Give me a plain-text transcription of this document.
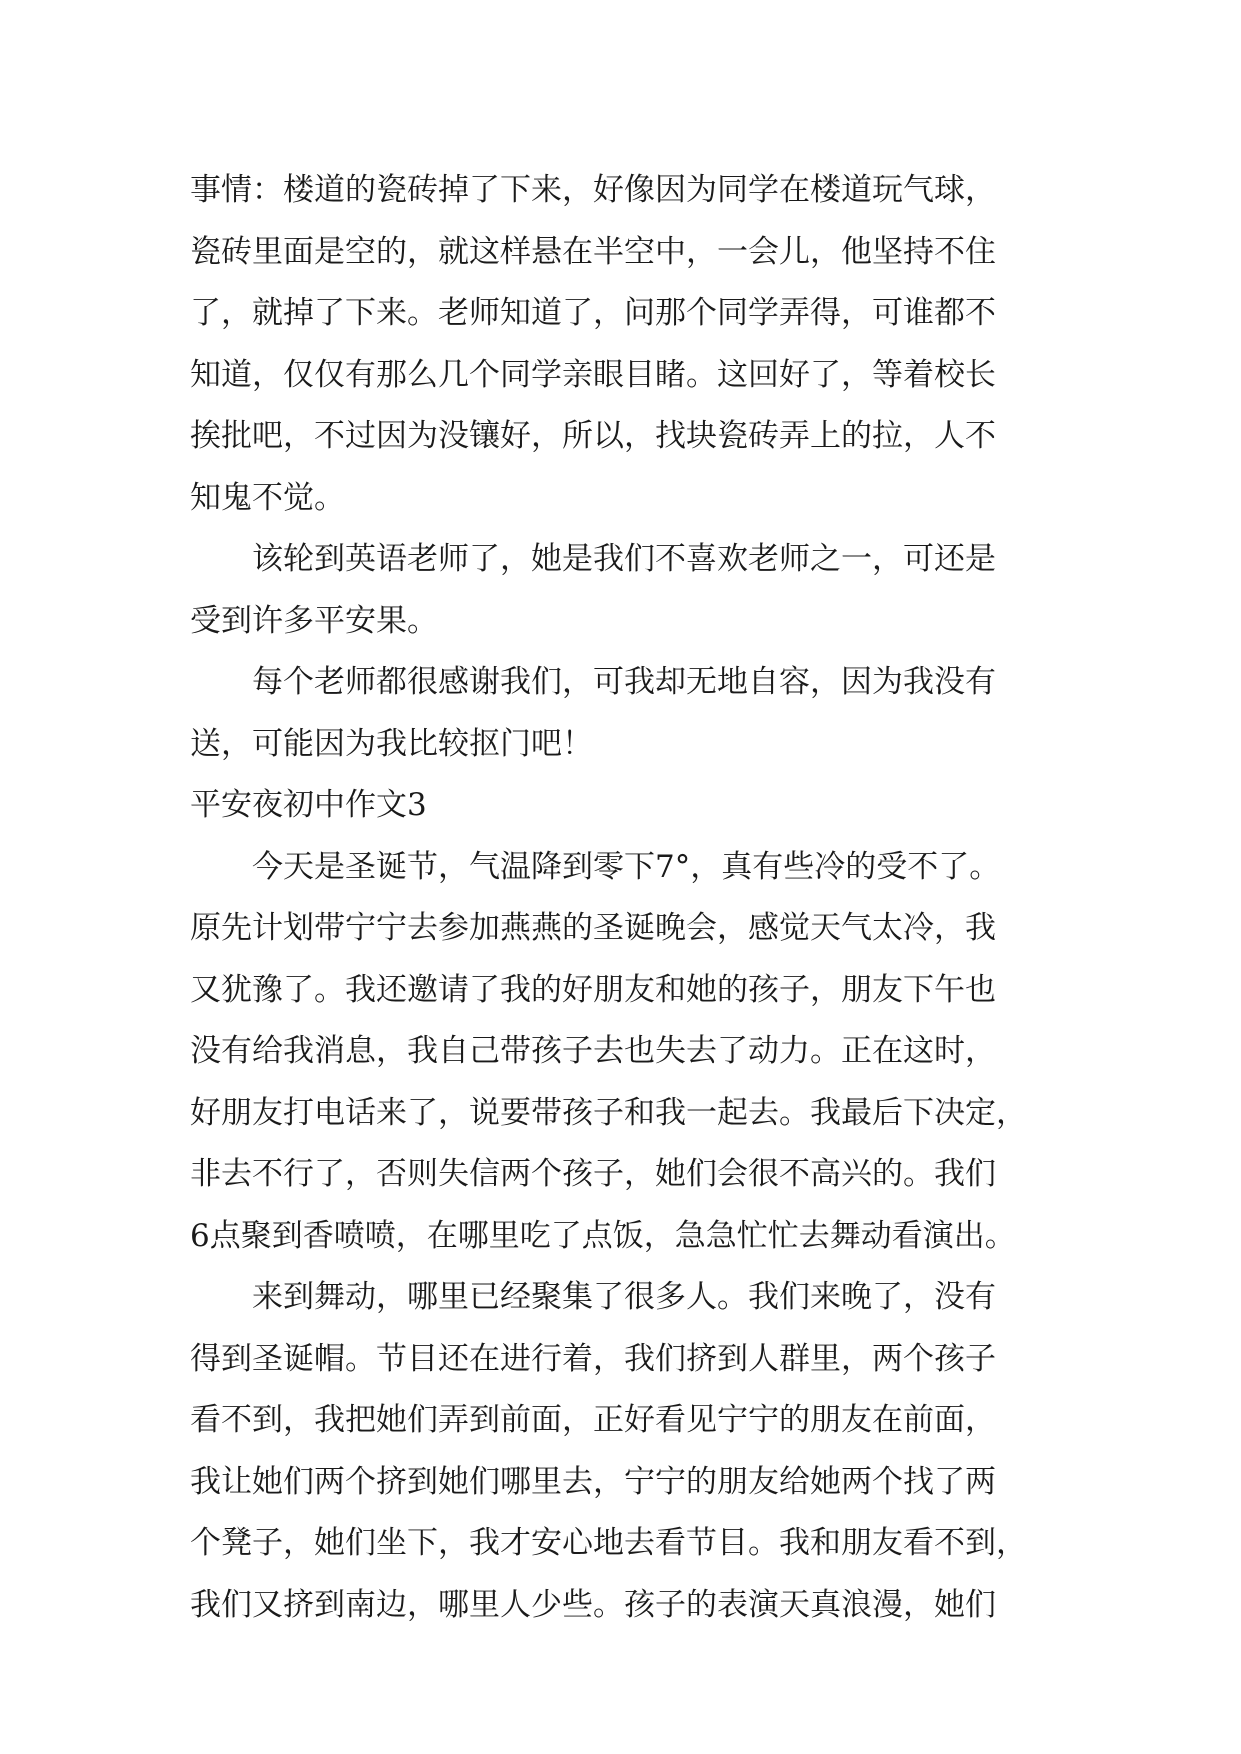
事情：楼道的瓷砖掉了下来，好像因为同学在楼道玩气球，
瓷砖里面是空的，就这样悬在半空中，一会儿，他坚持不住
了，就掉了下来。老师知道了，问那个同学弄得，可谁都不
知道，仅仅有那么几个同学亲眼目睹。这回好了，等着校长
挨批吧，不过因为没镶好，所以，找块瓷砖弄上的拉，人不
知鬼不觉。
该轮到英语老师了，她是我们不喜欢老师之一，可还是
受到许多平安果。
每个老师都很感谢我们，可我却无地自容，因为我没有
送，可能因为我比较抠门吧！
平安夜初中作文3
今天是圣诞节，气温降到零下7°，真有些冷的受不了。
原先计划带宁宁去参加燕燕的圣诞晚会，感觉天气太冷，我
又犹豫了。我还邀请了我的好朋友和她的孩子，朋友下午也
没有给我消息，我自己带孩子去也失去了动力。正在这时，
好朋友打电话来了，说要带孩子和我一起去。我最后下决定，
非去不行了，否则失信两个孩子，她们会很不高兴的。我们
6点聚到香喷喷，在哪里吃了点饭，急急忙忙去舞动看演出。
来到舞动，哪里已经聚集了很多人。我们来晚了，没有
得到圣诞帽。节目还在进行着，我们挤到人群里，两个孩子
看不到，我把她们弄到前面，正好看见宁宁的朋友在前面，
我让她们两个挤到她们哪里去，宁宁的朋友给她两个找了两
个凳子，她们坐下，我才安心地去看节目。我和朋友看不到，
我们又挤到南边，哪里人少些。孩子的表演天真浪漫，她们
